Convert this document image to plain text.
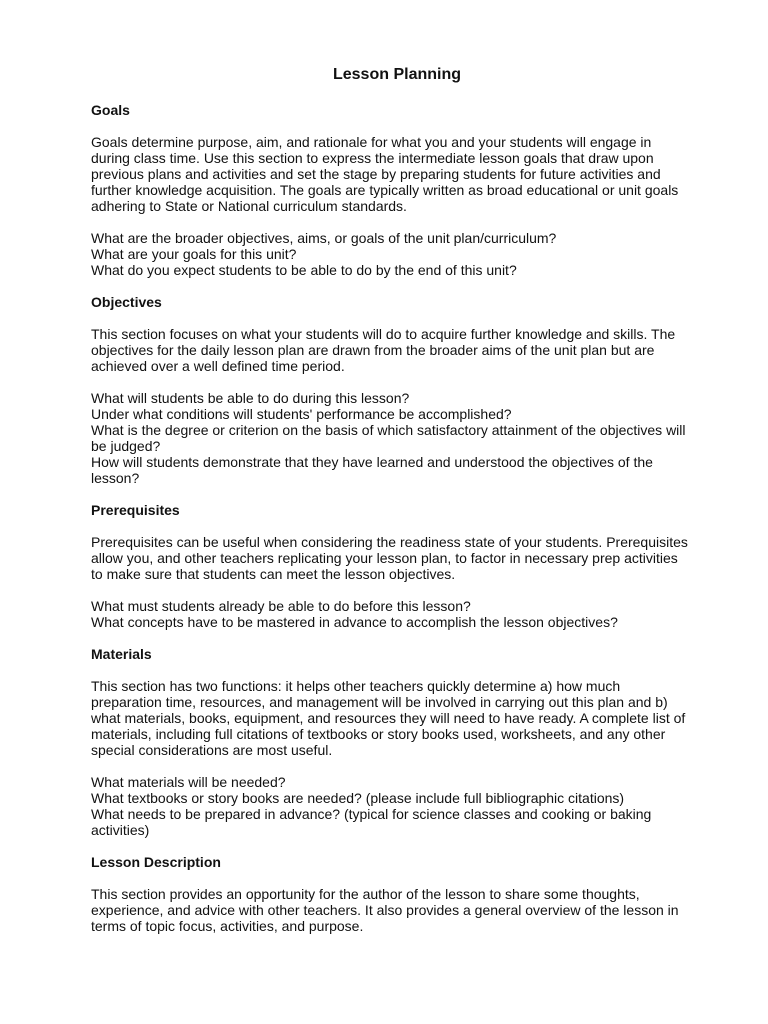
Lesson Planning
Goals

Goals determine purpose, aim, and rationale for what you and your students will engage in during class time. Use this section to express the intermediate lesson goals that draw upon previous plans and activities and set the stage by preparing students for future activities and further knowledge acquisition. The goals are typically written as broad educational or unit goals adhering to State or National curriculum standards.

What are the broader objectives, aims, or goals of the unit plan/curriculum?
What are your goals for this unit?
What do you expect students to be able to do by the end of this unit?
Objectives

This section focuses on what your students will do to acquire further knowledge and skills. The objectives for the daily lesson plan are drawn from the broader aims of the unit plan but are achieved over a well defined time period.

What will students be able to do during this lesson?
Under what conditions will students' performance be accomplished?
What is the degree or criterion on the basis of which satisfactory attainment of the objectives will be judged?
How will students demonstrate that they have learned and understood the objectives of the lesson?
Prerequisites

Prerequisites can be useful when considering the readiness state of your students. Prerequisites allow you, and other teachers replicating your lesson plan, to factor in necessary prep activities to make sure that students can meet the lesson objectives.

What must students already be able to do before this lesson?
What concepts have to be mastered in advance to accomplish the lesson objectives?
Materials

This section has two functions: it helps other teachers quickly determine a) how much preparation time, resources, and management will be involved in carrying out this plan and b) what materials, books, equipment, and resources they will need to have ready. A complete list of materials, including full citations of textbooks or story books used, worksheets, and any other special considerations are most useful.

What materials will be needed?
What textbooks or story books are needed? (please include full bibliographic citations)
What needs to be prepared in advance? (typical for science classes and cooking or baking activities)
Lesson Description

This section provides an opportunity for the author of the lesson to share some thoughts, experience, and advice with other teachers. It also provides a general overview of the lesson in terms of topic focus, activities, and purpose.
